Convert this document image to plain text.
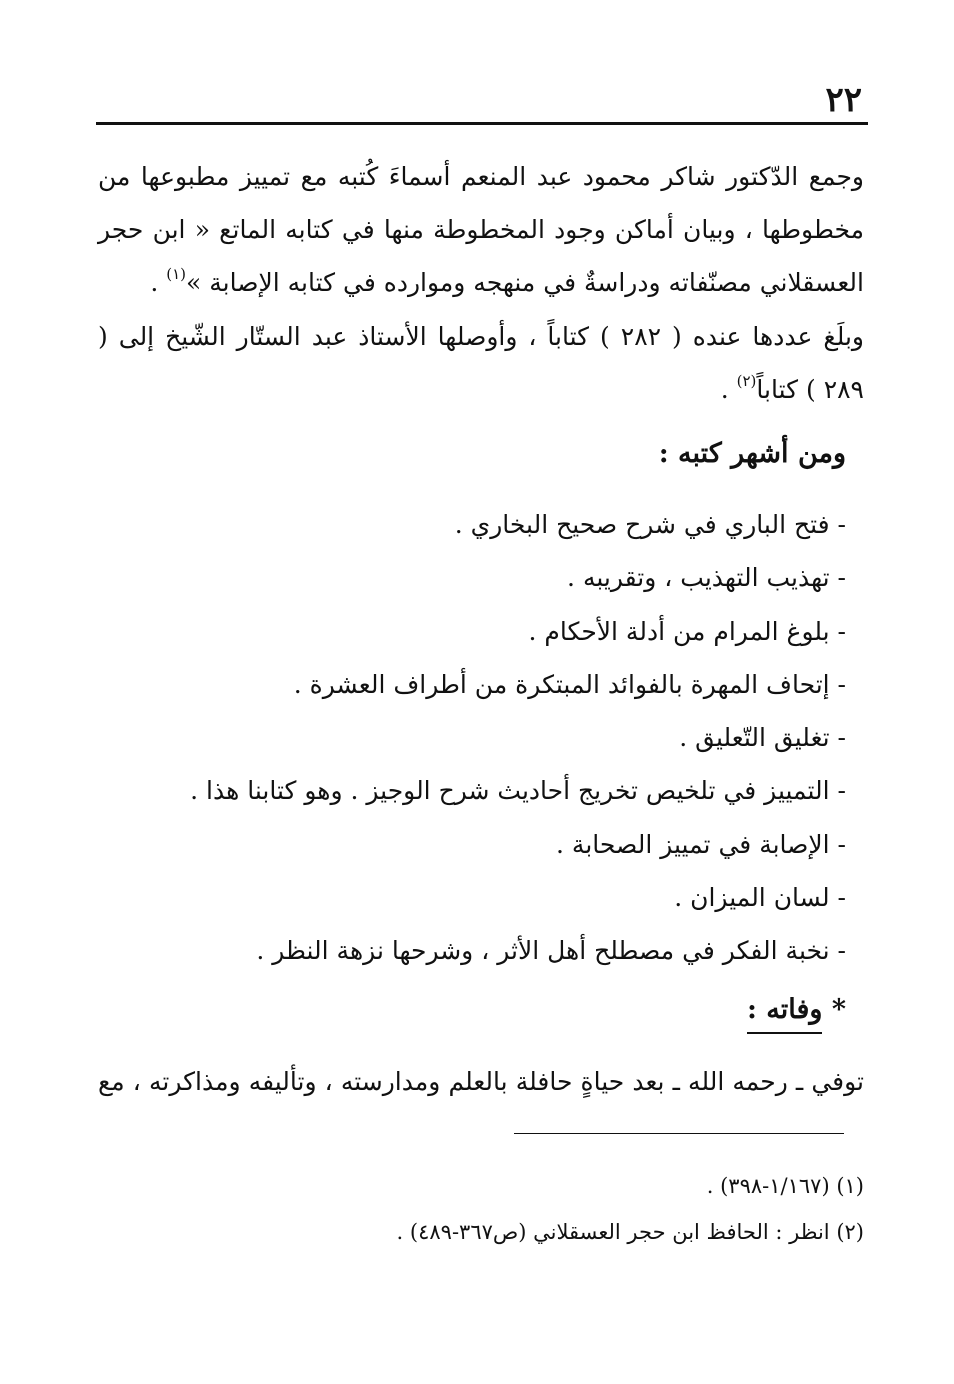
٢٢

وجمع الدّكتور شاكر محمود عبد المنعم أسماءَ كُتبه مع تمييز مطبوعها من مخطوطها ، وبيان أماكن وجود المخطوطة منها في كتابه الماتع « ابن حجر العسقلاني مصنّفاته ودراسةٌ في منهجه وموارده في كتابه الإصابة »$^{(١)}$ .

وبلَغ عددها عنده ( ٢٨٢ ) كتاباً ، وأوصلها الأستاذ عبد الستّار الشّيخ إلى ( ٢٨٩ ) كتاباً$^{(٢)}$ .

ومن أشهر كتبه :
- فتح الباري في شرح صحيح البخاري .
- تهذيب التهذيب ، وتقريبه .
- بلوغ المرام من أدلة الأحكام .
- إتحاف المهرة بالفوائد المبتكرة من أطراف العشرة .
- تغليق التّعليق .
- التمييز في تلخيص تخريج أحاديث شرح الوجيز . وهو كتابنا هذا .
- الإصابة في تمييز الصحابة .
- لسان الميزان .
- نخبة الفكر في مصطلح أهل الأثر ، وشرحها نزهة النظر .
* وفاته :
توفي ـ رحمه الله ـ بعد حياةٍ حافلة بالعلم ومدارسته ، وتأليفه ومذاكرته ، مع
(١) (١/١٦٧-٣٩٨) .
(٢) انظر : الحافظ ابن حجر العسقلاني (ص٣٦٧-٤٨٩) .
